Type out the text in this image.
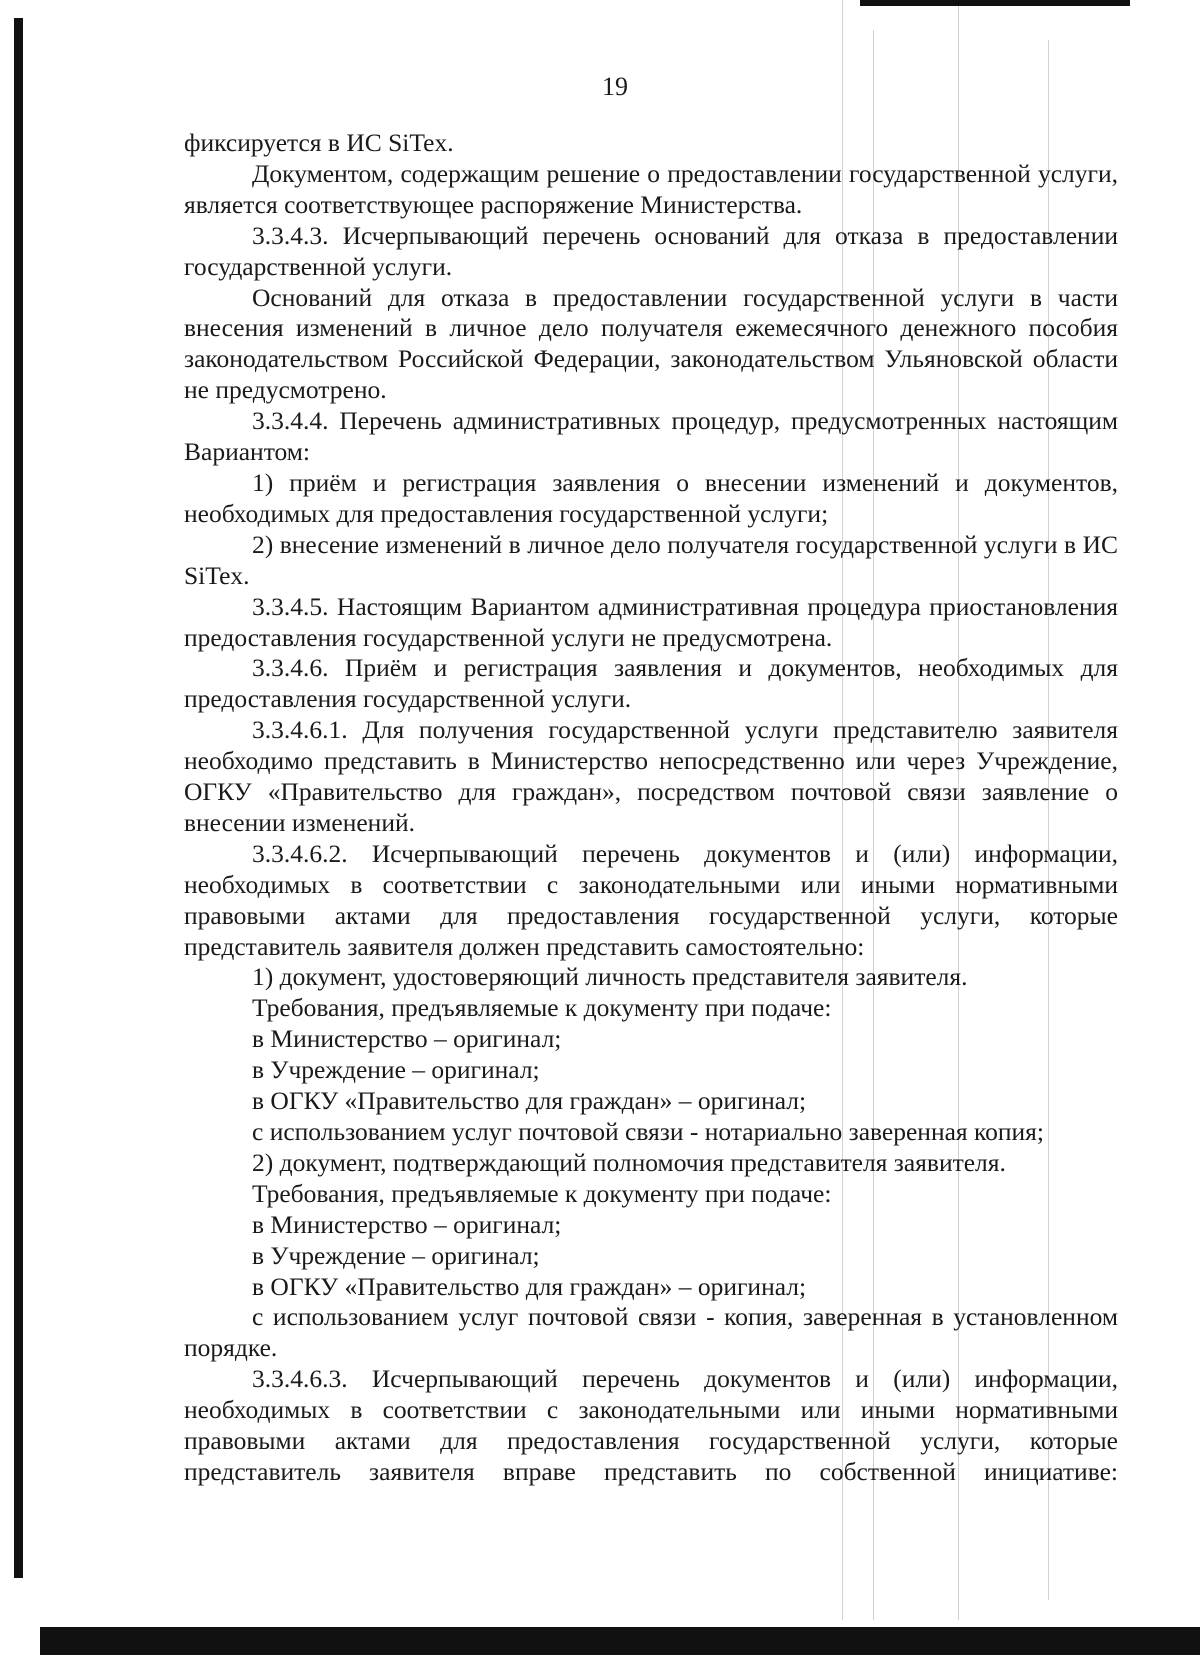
19

фиксируется в ИС SiTex.

Документом, содержащим решение о предоставлении государственной услуги, является соответствующее распоряжение Министерства.

3.3.4.3. Исчерпывающий перечень оснований для отказа в предоставлении государственной услуги.

Оснований для отказа в предоставлении государственной услуги в части внесения изменений в личное дело получателя ежемесячного денежного пособия законодательством Российской Федерации, законодательством Ульяновской области не предусмотрено.

3.3.4.4. Перечень административных процедур, предусмотренных настоящим Вариантом:

1) приём и регистрация заявления о внесении изменений и документов, необходимых для предоставления государственной услуги;

2) внесение изменений в личное дело получателя государственной услуги в ИС SiTex.

3.3.4.5. Настоящим Вариантом административная процедура приостановления предоставления государственной услуги не предусмотрена.

3.3.4.6. Приём и регистрация заявления и документов, необходимых для предоставления государственной услуги.

3.3.4.6.1. Для получения государственной услуги представителю заявителя необходимо представить в Министерство непосредственно или через Учреждение, ОГКУ «Правительство для граждан», посредством почтовой связи заявление о внесении изменений.

3.3.4.6.2. Исчерпывающий перечень документов и (или) информации, необходимых в соответствии с законодательными или иными нормативными правовыми актами для предоставления государственной услуги, которые представитель заявителя должен представить самостоятельно:

1) документ, удостоверяющий личность представителя заявителя.

Требования, предъявляемые к документу при подаче:

в Министерство – оригинал;

в Учреждение – оригинал;

в ОГКУ «Правительство для граждан» – оригинал;

с использованием услуг почтовой связи - нотариально заверенная копия;

2) документ, подтверждающий полномочия представителя заявителя.

Требования, предъявляемые к документу при подаче:

в Министерство – оригинал;

в Учреждение – оригинал;

в ОГКУ «Правительство для граждан» – оригинал;

с использованием услуг почтовой связи - копия, заверенная в установленном порядке.

3.3.4.6.3. Исчерпывающий перечень документов и (или) информации, необходимых в соответствии с законодательными или иными нормативными правовыми актами для предоставления государственной услуги, которые представитель заявителя вправе представить по собственной инициативе:
